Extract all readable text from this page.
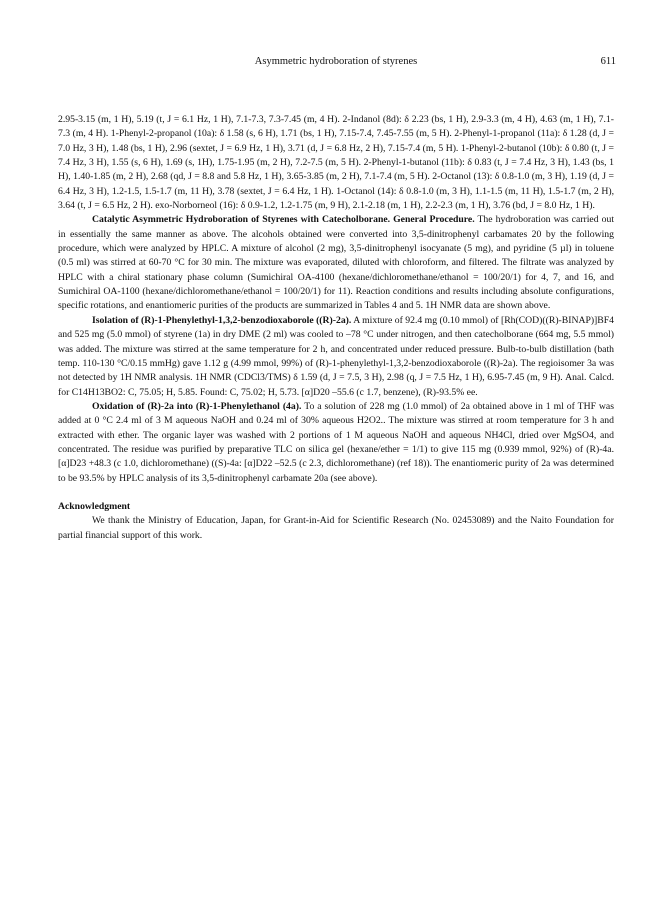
Asymmetric hydroboration of styrenes	611

2.95-3.15 (m, 1 H), 5.19 (t, J = 6.1 Hz, 1 H), 7.1-7.3, 7.3-7.45 (m, 4 H). 2-Indanol (8d): δ 2.23 (bs, 1 H), 2.9-3.3 (m, 4 H), 4.63 (m, 1 H), 7.1-7.3 (m, 4 H). 1-Phenyl-2-propanol (10a): δ 1.58 (s, 6 H), 1.71 (bs, 1 H), 7.15-7.4, 7.45-7.55 (m, 5 H). 2-Phenyl-1-propanol (11a): δ 1.28 (d, J = 7.0 Hz, 3 H), 1.48 (bs, 1 H), 2.96 (sextet, J = 6.9 Hz, 1 H), 3.71 (d, J = 6.8 Hz, 2 H), 7.15-7.4 (m, 5 H). 1-Phenyl-2-butanol (10b): δ 0.80 (t, J = 7.4 Hz, 3 H), 1.55 (s, 6 H), 1.69 (s, 1H), 1.75-1.95 (m, 2 H), 7.2-7.5 (m, 5 H). 2-Phenyl-1-butanol (11b): δ 0.83 (t, J = 7.4 Hz, 3 H), 1.43 (bs, 1 H), 1.40-1.85 (m, 2 H), 2.68 (qd, J = 8.8 and 5.8 Hz, 1 H), 3.65-3.85 (m, 2 H), 7.1-7.4 (m, 5 H). 2-Octanol (13): δ 0.8-1.0 (m, 3 H), 1.19 (d, J = 6.4 Hz, 3 H), 1.2-1.5, 1.5-1.7 (m, 11 H), 3.78 (sextet, J = 6.4 Hz, 1 H). 1-Octanol (14): δ 0.8-1.0 (m, 3 H), 1.1-1.5 (m, 11 H), 1.5-1.7 (m, 2 H), 3.64 (t, J = 6.5 Hz, 2 H). exo-Norborneol (16): δ 0.9-1.2, 1.2-1.75 (m, 9 H), 2.1-2.18 (m, 1 H), 2.2-2.3 (m, 1 H), 3.76 (bd, J = 8.0 Hz, 1 H).

Catalytic Asymmetric Hydroboration of Styrenes with Catecholborane. General Procedure. The hydroboration was carried out in essentially the same manner as above. The alcohols obtained were converted into 3,5-dinitrophenyl carbamates 20 by the following procedure, which were analyzed by HPLC. A mixture of alcohol (2 mg), 3,5-dinitrophenyl isocyanate (5 mg), and pyridine (5 µl) in toluene (0.5 ml) was stirred at 60-70 °C for 30 min. The mixture was evaporated, diluted with chloroform, and filtered. The filtrate was analyzed by HPLC with a chiral stationary phase column (Sumichiral OA-4100 (hexane/dichloromethane/ethanol = 100/20/1) for 4, 7, and 16, and Sumichiral OA-1100 (hexane/dichloromethane/ethanol = 100/20/1) for 11). Reaction conditions and results including absolute configurations, specific rotations, and enantiomeric purities of the products are summarized in Tables 4 and 5. 1H NMR data are shown above.

Isolation of (R)-1-Phenylethyl-1,3,2-benzodioxaborole ((R)-2a). A mixture of 92.4 mg (0.10 mmol) of [Rh(COD)((R)-BINAP)]BF4 and 525 mg (5.0 mmol) of styrene (1a) in dry DME (2 ml) was cooled to –78 °C under nitrogen, and then catecholborane (664 mg, 5.5 mmol) was added. The mixture was stirred at the same temperature for 2 h, and concentrated under reduced pressure. Bulb-to-bulb distillation (bath temp. 110-130 °C/0.15 mmHg) gave 1.12 g (4.99 mmol, 99%) of (R)-1-phenylethyl-1,3,2-benzodioxaborole ((R)-2a). The regioisomer 3a was not detected by 1H NMR analysis. 1H NMR (CDCl3/TMS) δ 1.59 (d, J = 7.5, 3 H), 2.98 (q, J = 7.5 Hz, 1 H), 6.95-7.45 (m, 9 H). Anal. Calcd. for C14H13BO2: C, 75.05; H, 5.85. Found: C, 75.02; H, 5.73. [α]D20 –55.6 (c 1.7, benzene), (R)-93.5% ee.

Oxidation of (R)-2a into (R)-1-Phenylethanol (4a). To a solution of 228 mg (1.0 mmol) of 2a obtained above in 1 ml of THF was added at 0 °C 2.4 ml of 3 M aqueous NaOH and 0.24 ml of 30% aqueous H2O2.. The mixture was stirred at room temperature for 3 h and extracted with ether. The organic layer was washed with 2 portions of 1 M aqueous NaOH and aqueous NH4Cl, dried over MgSO4, and concentrated. The residue was purified by preparative TLC on silica gel (hexane/ether = 1/1) to give 115 mg (0.939 mmol, 92%) of (R)-4a. [α]D23 +48.3 (c 1.0, dichloromethane) ((S)-4a: [α]D22 –52.5 (c 2.3, dichloromethane) (ref 18)). The enantiomeric purity of 2a was determined to be 93.5% by HPLC analysis of its 3,5-dinitrophenyl carbamate 20a (see above).

Acknowledgment

We thank the Ministry of Education, Japan, for Grant-in-Aid for Scientific Research (No. 02453089) and the Naito Foundation for partial financial support of this work.
